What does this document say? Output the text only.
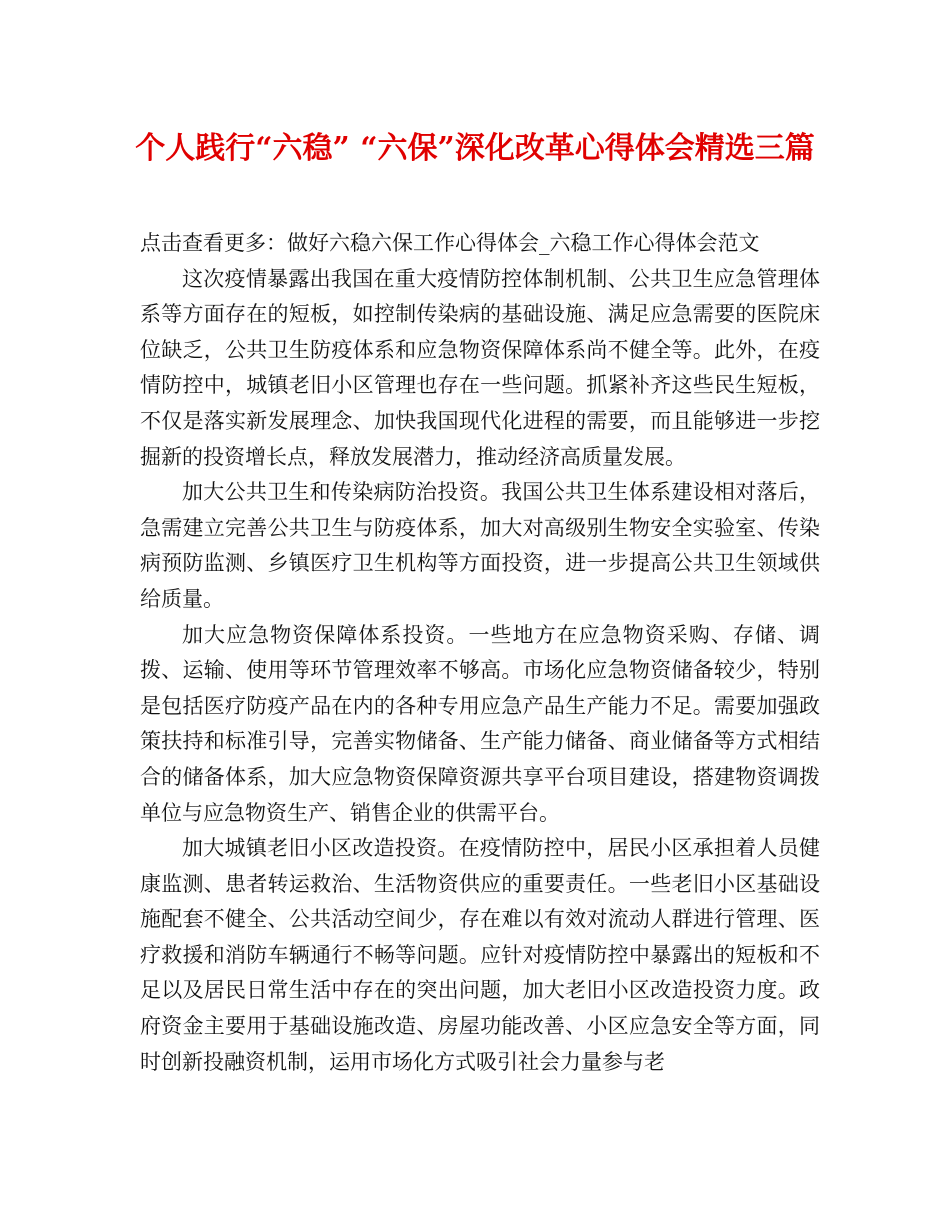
个人践行“六稳” “六保”深化改革心得体会精选三篇

点击查看更多：做好六稳六保工作心得体会_六稳工作心得体会范文

这次疫情暴露出我国在重大疫情防控体制机制、公共卫生应急管理体系等方面存在的短板，如控制传染病的基础设施、满足应急需要的医院床位缺乏，公共卫生防疫体系和应急物资保障体系尚不健全等。此外，在疫情防控中，城镇老旧小区管理也存在一些问题。抓紧补齐这些民生短板，不仅是落实新发展理念、加快我国现代化进程的需要，而且能够进一步挖掘新的投资增长点，释放发展潜力，推动经济高质量发展。

加大公共卫生和传染病防治投资。我国公共卫生体系建设相对落后，急需建立完善公共卫生与防疫体系，加大对高级别生物安全实验室、传染病预防监测、乡镇医疗卫生机构等方面投资，进一步提高公共卫生领域供给质量。

加大应急物资保障体系投资。一些地方在应急物资采购、存储、调拨、运输、使用等环节管理效率不够高。市场化应急物资储备较少，特别是包括医疗防疫产品在内的各种专用应急产品生产能力不足。需要加强政策扶持和标准引导，完善实物储备、生产能力储备、商业储备等方式相结合的储备体系，加大应急物资保障资源共享平台项目建设，搭建物资调拨单位与应急物资生产、销售企业的供需平台。

加大城镇老旧小区改造投资。在疫情防控中，居民小区承担着人员健康监测、患者转运救治、生活物资供应的重要责任。一些老旧小区基础设施配套不健全、公共活动空间少，存在难以有效对流动人群进行管理、医疗救援和消防车辆通行不畅等问题。应针对疫情防控中暴露出的短板和不足以及居民日常生活中存在的突出问题，加大老旧小区改造投资力度。政府资金主要用于基础设施改造、房屋功能改善、小区应急安全等方面，同时创新投融资机制，运用市场化方式吸引社会力量参与老
